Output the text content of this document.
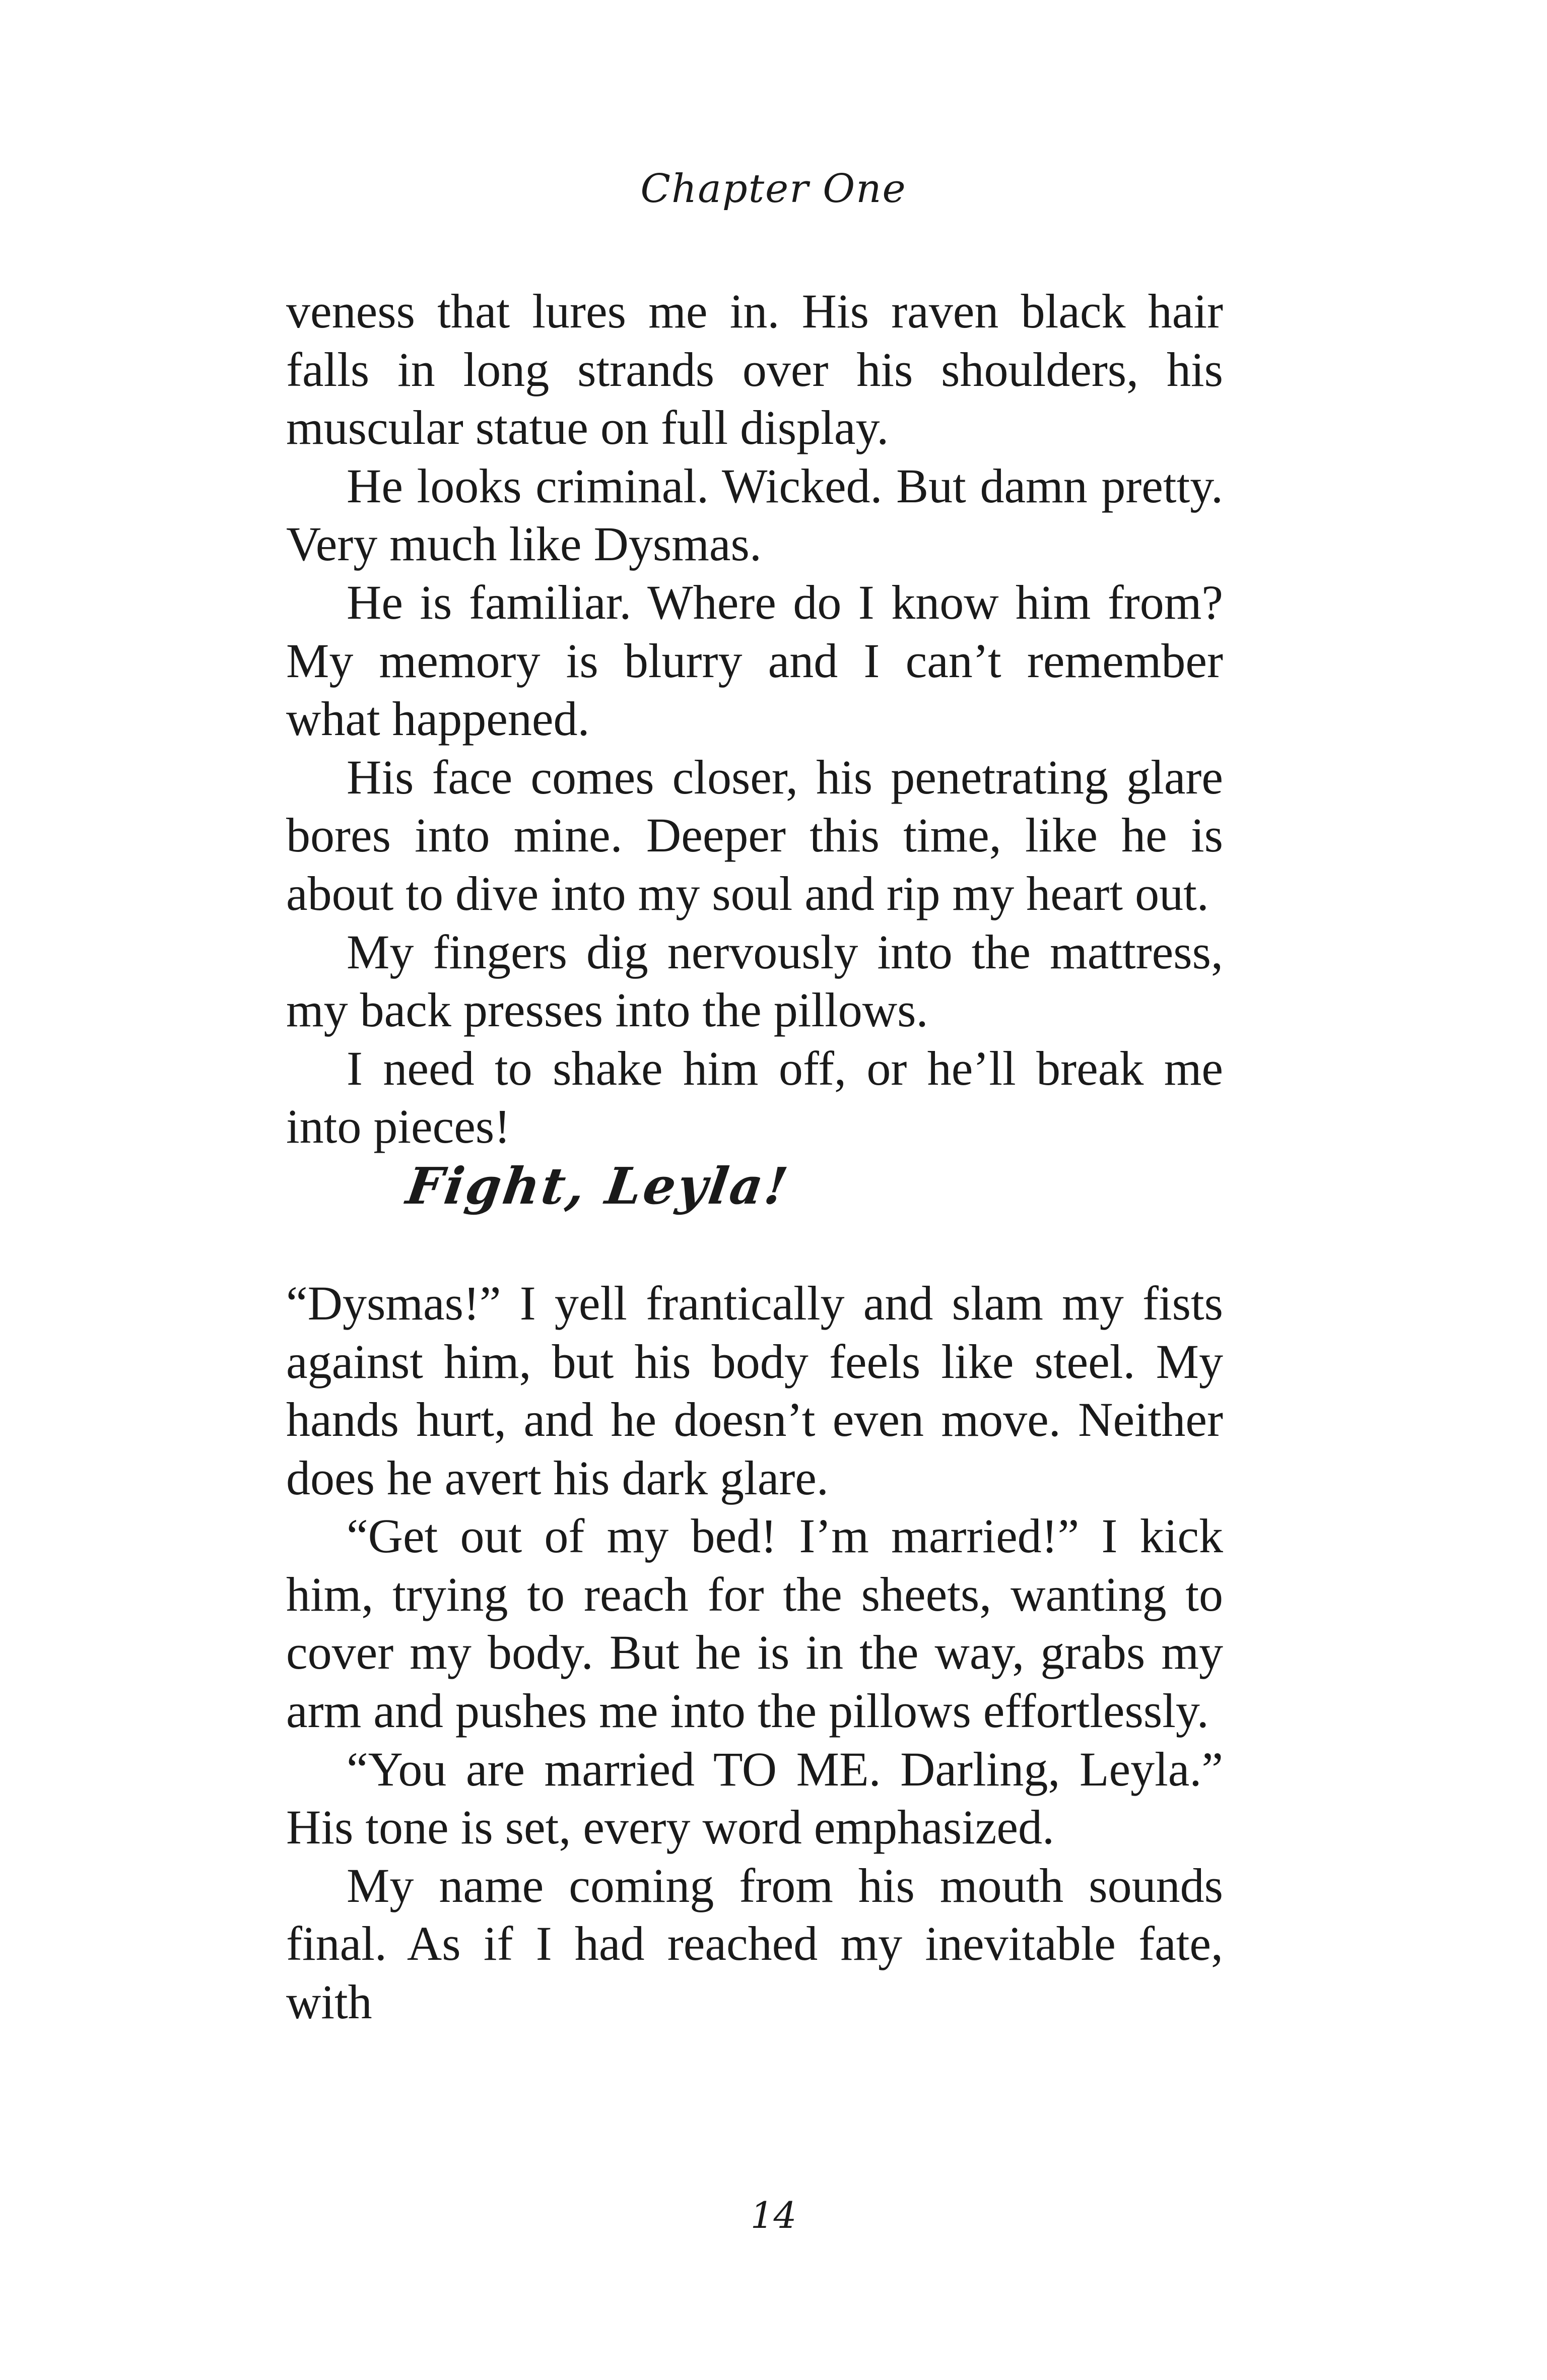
Chapter One

veness that lures me in. His raven black hair falls in long strands over his shoulders, his muscular statue on full display.

He looks criminal. Wicked. But damn pretty. Very much like Dysmas.

He is familiar. Where do I know him from? My memory is blurry and I can’t remember what happened.

His face comes closer, his penetrating glare bores into mine. Deeper this time, like he is about to dive into my soul and rip my heart out.

My fingers dig nervously into the mattress, my back presses into the pillows.

I need to shake him off, or he’ll break me into pieces!

Fight, Leyla!

“Dysmas!” I yell frantically and slam my fists against him, but his body feels like steel. My hands hurt, and he doesn’t even move. Neither does he avert his dark glare.

“Get out of my bed! I’m married!” I kick him, trying to reach for the sheets, wanting to cover my body. But he is in the way, grabs my arm and pushes me into the pillows effortlessly.

“You are married TO ME. Darling, Leyla.” His tone is set, every word emphasized.

My name coming from his mouth sounds final. As if I had reached my inevitable fate, with

14
